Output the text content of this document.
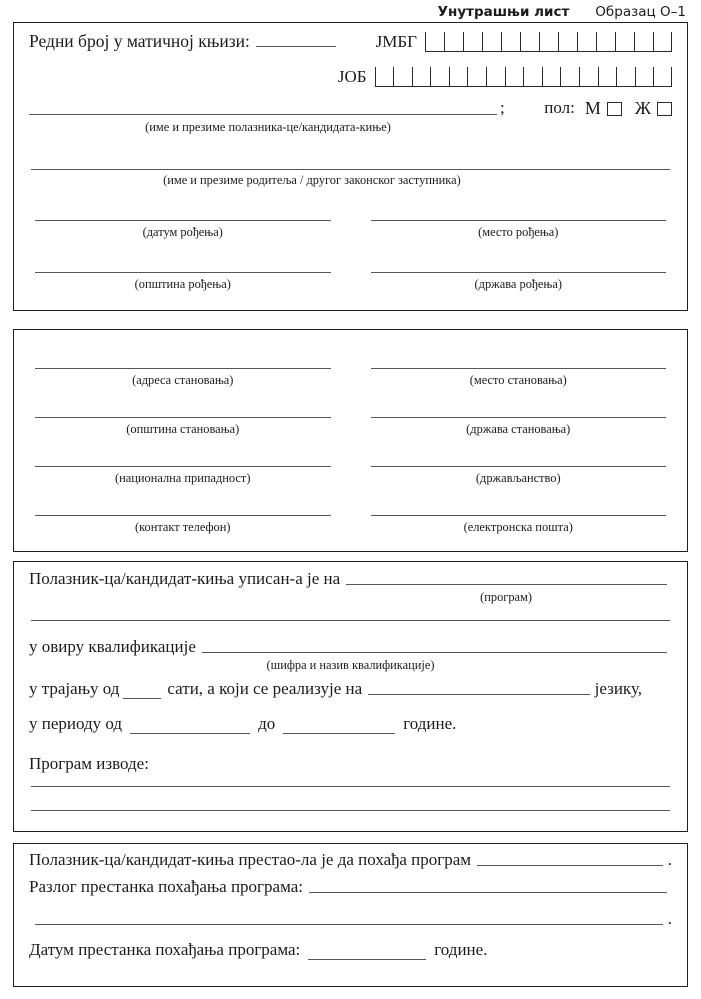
Унутрашњи лист Образац О–1
Редни број у матичној књизи:	ЈМБГ
ЈОБ
; пол: М Ж
(име и презиме полазника-це/кандидата-киње)
(име и презиме родитеља / другог законског заступника)
(датум рођења)	(место рођења)
(општина рођења)	(држава рођења)
(адреса становања)	(место становања)
(општина становања)	(држава становања)
(национална припадност)	(држављанство)
(контакт телефон)	(електронска пошта)
Полазник-ца/кандидат-киња уписан-а је на
(програм)
у овиру квалификације
(шифра и назив квалификације)
у трајању од	сати, а који се реализује на	језику,
у периоду од	до	године.
Програм изводе:
Полазник-ца/кандидат-киња престао-ла је да похађа програм	.
Разлог престанка похађања програма:
.
Датум престанка похађања програма:	године.
